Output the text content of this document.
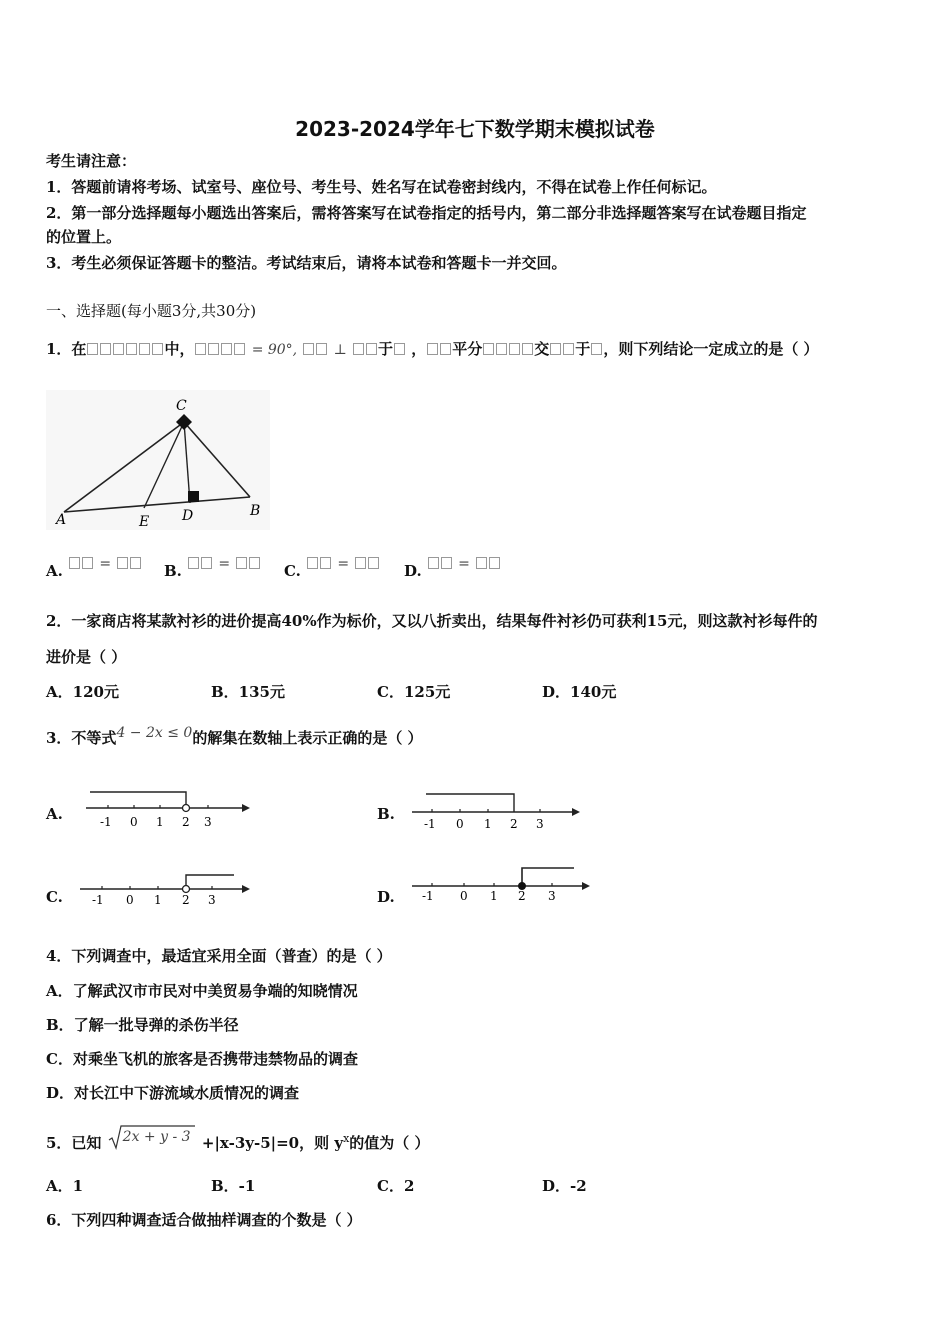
2023-2024学年七下数学期末模拟试卷
考生请注意：
1．答题前请将考场、试室号、座位号、考生号、姓名写在试卷密封线内，不得在试卷上作任何标记。
2．第一部分选择题每小题选出答案后，需将答案写在试卷指定的括号内，第二部分非选择题答案写在试卷题目指定
的位置上。
3．考生必须保证答题卡的整洁。考试结束后，请将本试卷和答题卡一并交回。
一、选择题(每小题3分,共30分)
1．在	中，	= 90°,	⊥ 于 ， 平分	交 于 ，则下列结论一定成立的是（ ）
C
A	E D	B
A.	=	B.	=	C.	=	D.	=
2．一家商店将某款衬衫的进价提高40%作为标价，又以八折卖出，结果每件衬衫仍可获利15元，则这款衬衫每件的
进价是（ ）
A．120元	B．135元	C．125元	D．140元
3．不等式4 − 2x ≤ 0的解集在数轴上表示正确的是（ ）
A.	-1 0 1 2 3	B.
-1 0 1 2 3
C. -1 0 1 2 3	D. -1 0 1 2 3
4．下列调查中，最适宜采用全面（普查）的是（ ）
A．了解武汉市市民对中美贸易争端的知晓情况
B．了解一批导弹的杀伤半径
C．对乘坐飞机的旅客是否携带违禁物品的调查
D．对长江中下游流域水质情况的调查
5．已知 2x + y - 3 +|x-3y-5|=0，则 $y^x$的值为（ ）
A．1	B．-1	C．2	D．-2
6．下列四种调查适合做抽样调查的个数是（ ）
